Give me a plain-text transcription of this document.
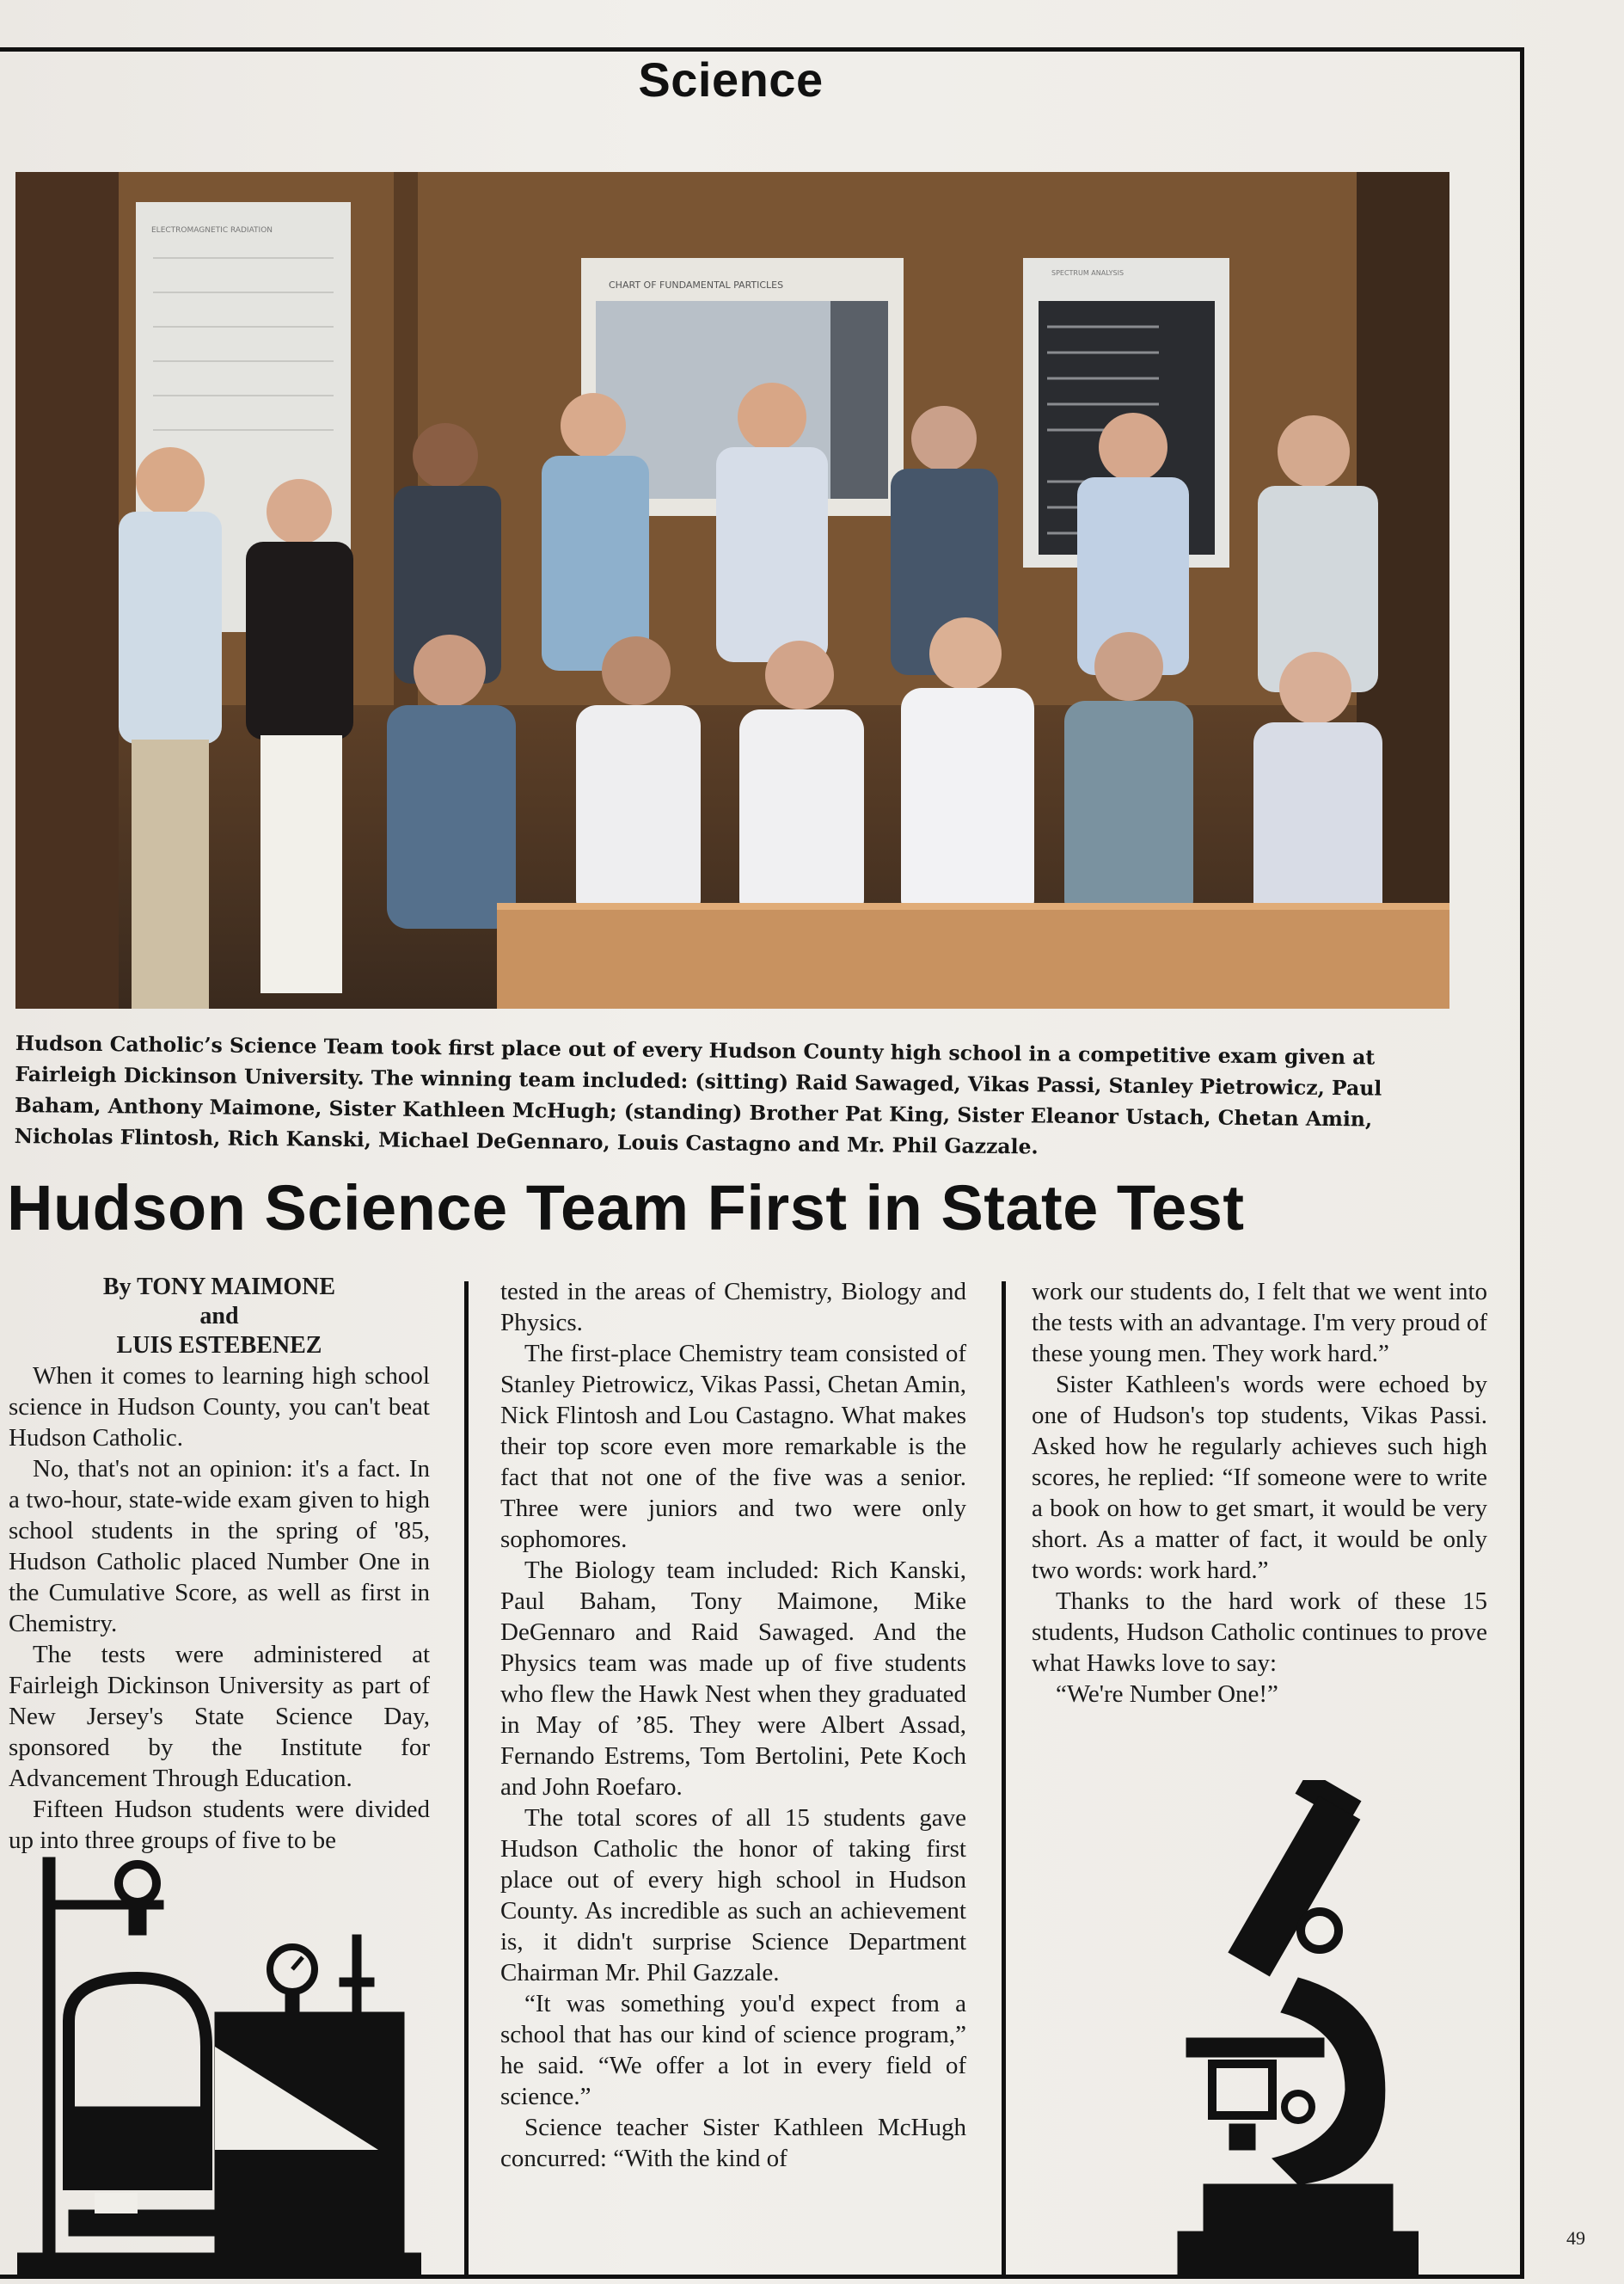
Science
ELECTROMAGNETIC RADIATION
CHART OF FUNDAMENTAL PARTICLES
SPECTRUM ANALYSIS
Hudson Catholic’s Science Team took first place out of every Hudson County high school in a competitive exam given at Fairleigh Dickinson University. The winning team included: (sitting) Raid Sawaged, Vikas Passi, Stanley Pietrowicz, Paul Baham, Anthony Maimone, Sister Kathleen McHugh; (standing) Brother Pat King, Sister Eleanor Ustach, Chetan Amin, Nicholas Flintosh, Rich Kanski, Michael DeGennaro, Louis Castagno and Mr. Phil Gazzale.
Hudson Science Team First in State Test
By TONY MAIMONE
and
LUIS ESTEBENEZ

When it comes to learning high school science in Hudson County, you can't beat Hudson Catholic.

No, that's not an opinion: it's a fact. In a two-hour, state-wide exam given to high school students in the spring of '85, Hudson Catholic placed Number One in the Cumulative Score, as well as first in Chemistry.

The tests were administered at Fairleigh Dickinson University as part of New Jersey's State Science Day, sponsored by the Institute for Advancement Through Education.

Fifteen Hudson students were divided up into three groups of five to be

tested in the areas of Chemistry, Biology and Physics.

The first-place Chemistry team consisted of Stanley Pietrowicz, Vikas Passi, Chetan Amin, Nick Flintosh and Lou Castagno. What makes their top score even more remarkable is the fact that not one of the five was a senior. Three were juniors and two were only sophomores.

The Biology team included: Rich Kanski, Paul Baham, Tony Maimone, Mike DeGennaro and Raid Sawaged. And the Physics team was made up of five students who flew the Hawk Nest when they graduated in May of ’85. They were Albert Assad, Fernando Estrems, Tom Bertolini, Pete Koch and John Roefaro.

The total scores of all 15 students gave Hudson Catholic the honor of taking first place out of every high school in Hudson County. As incredible as such an achievement is, it didn't surprise Science Department Chairman Mr. Phil Gazzale.

“It was something you'd expect from a school that has our kind of science program,” he said. “We offer a lot in every field of science.”

Science teacher Sister Kathleen McHugh concurred: “With the kind of

work our students do, I felt that we went into the tests with an advantage. I'm very proud of these young men. They work hard.”

Sister Kathleen's words were echoed by one of Hudson's top students, Vikas Passi. Asked how he regularly achieves such high scores, he replied: “If someone were to write a book on how to get smart, it would be very short. As a matter of fact, it would be only two words: work hard.”

Thanks to the hard work of these 15 students, Hudson Catholic continues to prove what Hawks love to say:

“We're Number One!”

49
